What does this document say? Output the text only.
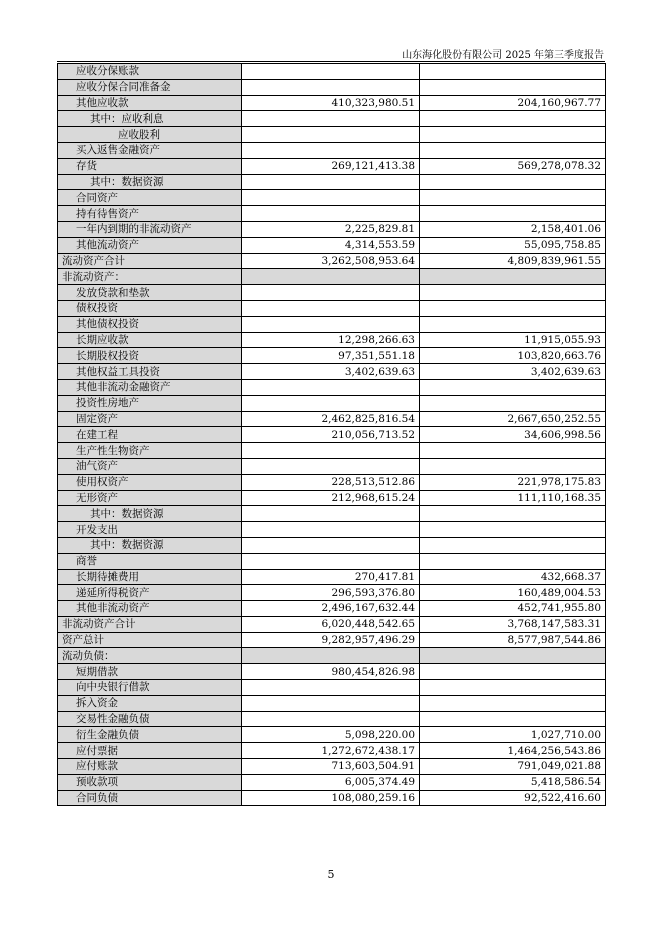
山东海化股份有限公司 2025 年第三季度报告
应收分保账款		
应收分保合同准备金		
其他应收款	410,323,980.51	204,160,967.77
其中：应收利息		
应收股利		
买入返售金融资产		
存货	269,121,413.38	569,278,078.32
其中：数据资源		
合同资产		
持有待售资产		
一年内到期的非流动资产	2,225,829.81	2,158,401.06
其他流动资产	4,314,553.59	55,095,758.85
流动资产合计	3,262,508,953.64	4,809,839,961.55
非流动资产：		
发放贷款和垫款		
债权投资		
其他债权投资		
长期应收款	12,298,266.63	11,915,055.93
长期股权投资	97,351,551.18	103,820,663.76
其他权益工具投资	3,402,639.63	3,402,639.63
其他非流动金融资产		
投资性房地产		
固定资产	2,462,825,816.54	2,667,650,252.55
在建工程	210,056,713.52	34,606,998.56
生产性生物资产		
油气资产		
使用权资产	228,513,512.86	221,978,175.83
无形资产	212,968,615.24	111,110,168.35
其中：数据资源		
开发支出		
其中：数据资源		
商誉		
长期待摊费用	270,417.81	432,668.37
递延所得税资产	296,593,376.80	160,489,004.53
其他非流动资产	2,496,167,632.44	452,741,955.80
非流动资产合计	6,020,448,542.65	3,768,147,583.31
资产总计	9,282,957,496.29	8,577,987,544.86
流动负债：		
短期借款	980,454,826.98	
向中央银行借款		
拆入资金		
交易性金融负债		
衍生金融负债	5,098,220.00	1,027,710.00
应付票据	1,272,672,438.17	1,464,256,543.86
应付账款	713,603,504.91	791,049,021.88
预收款项	6,005,374.49	5,418,586.54
合同负债	108,080,259.16	92,522,416.60
5
